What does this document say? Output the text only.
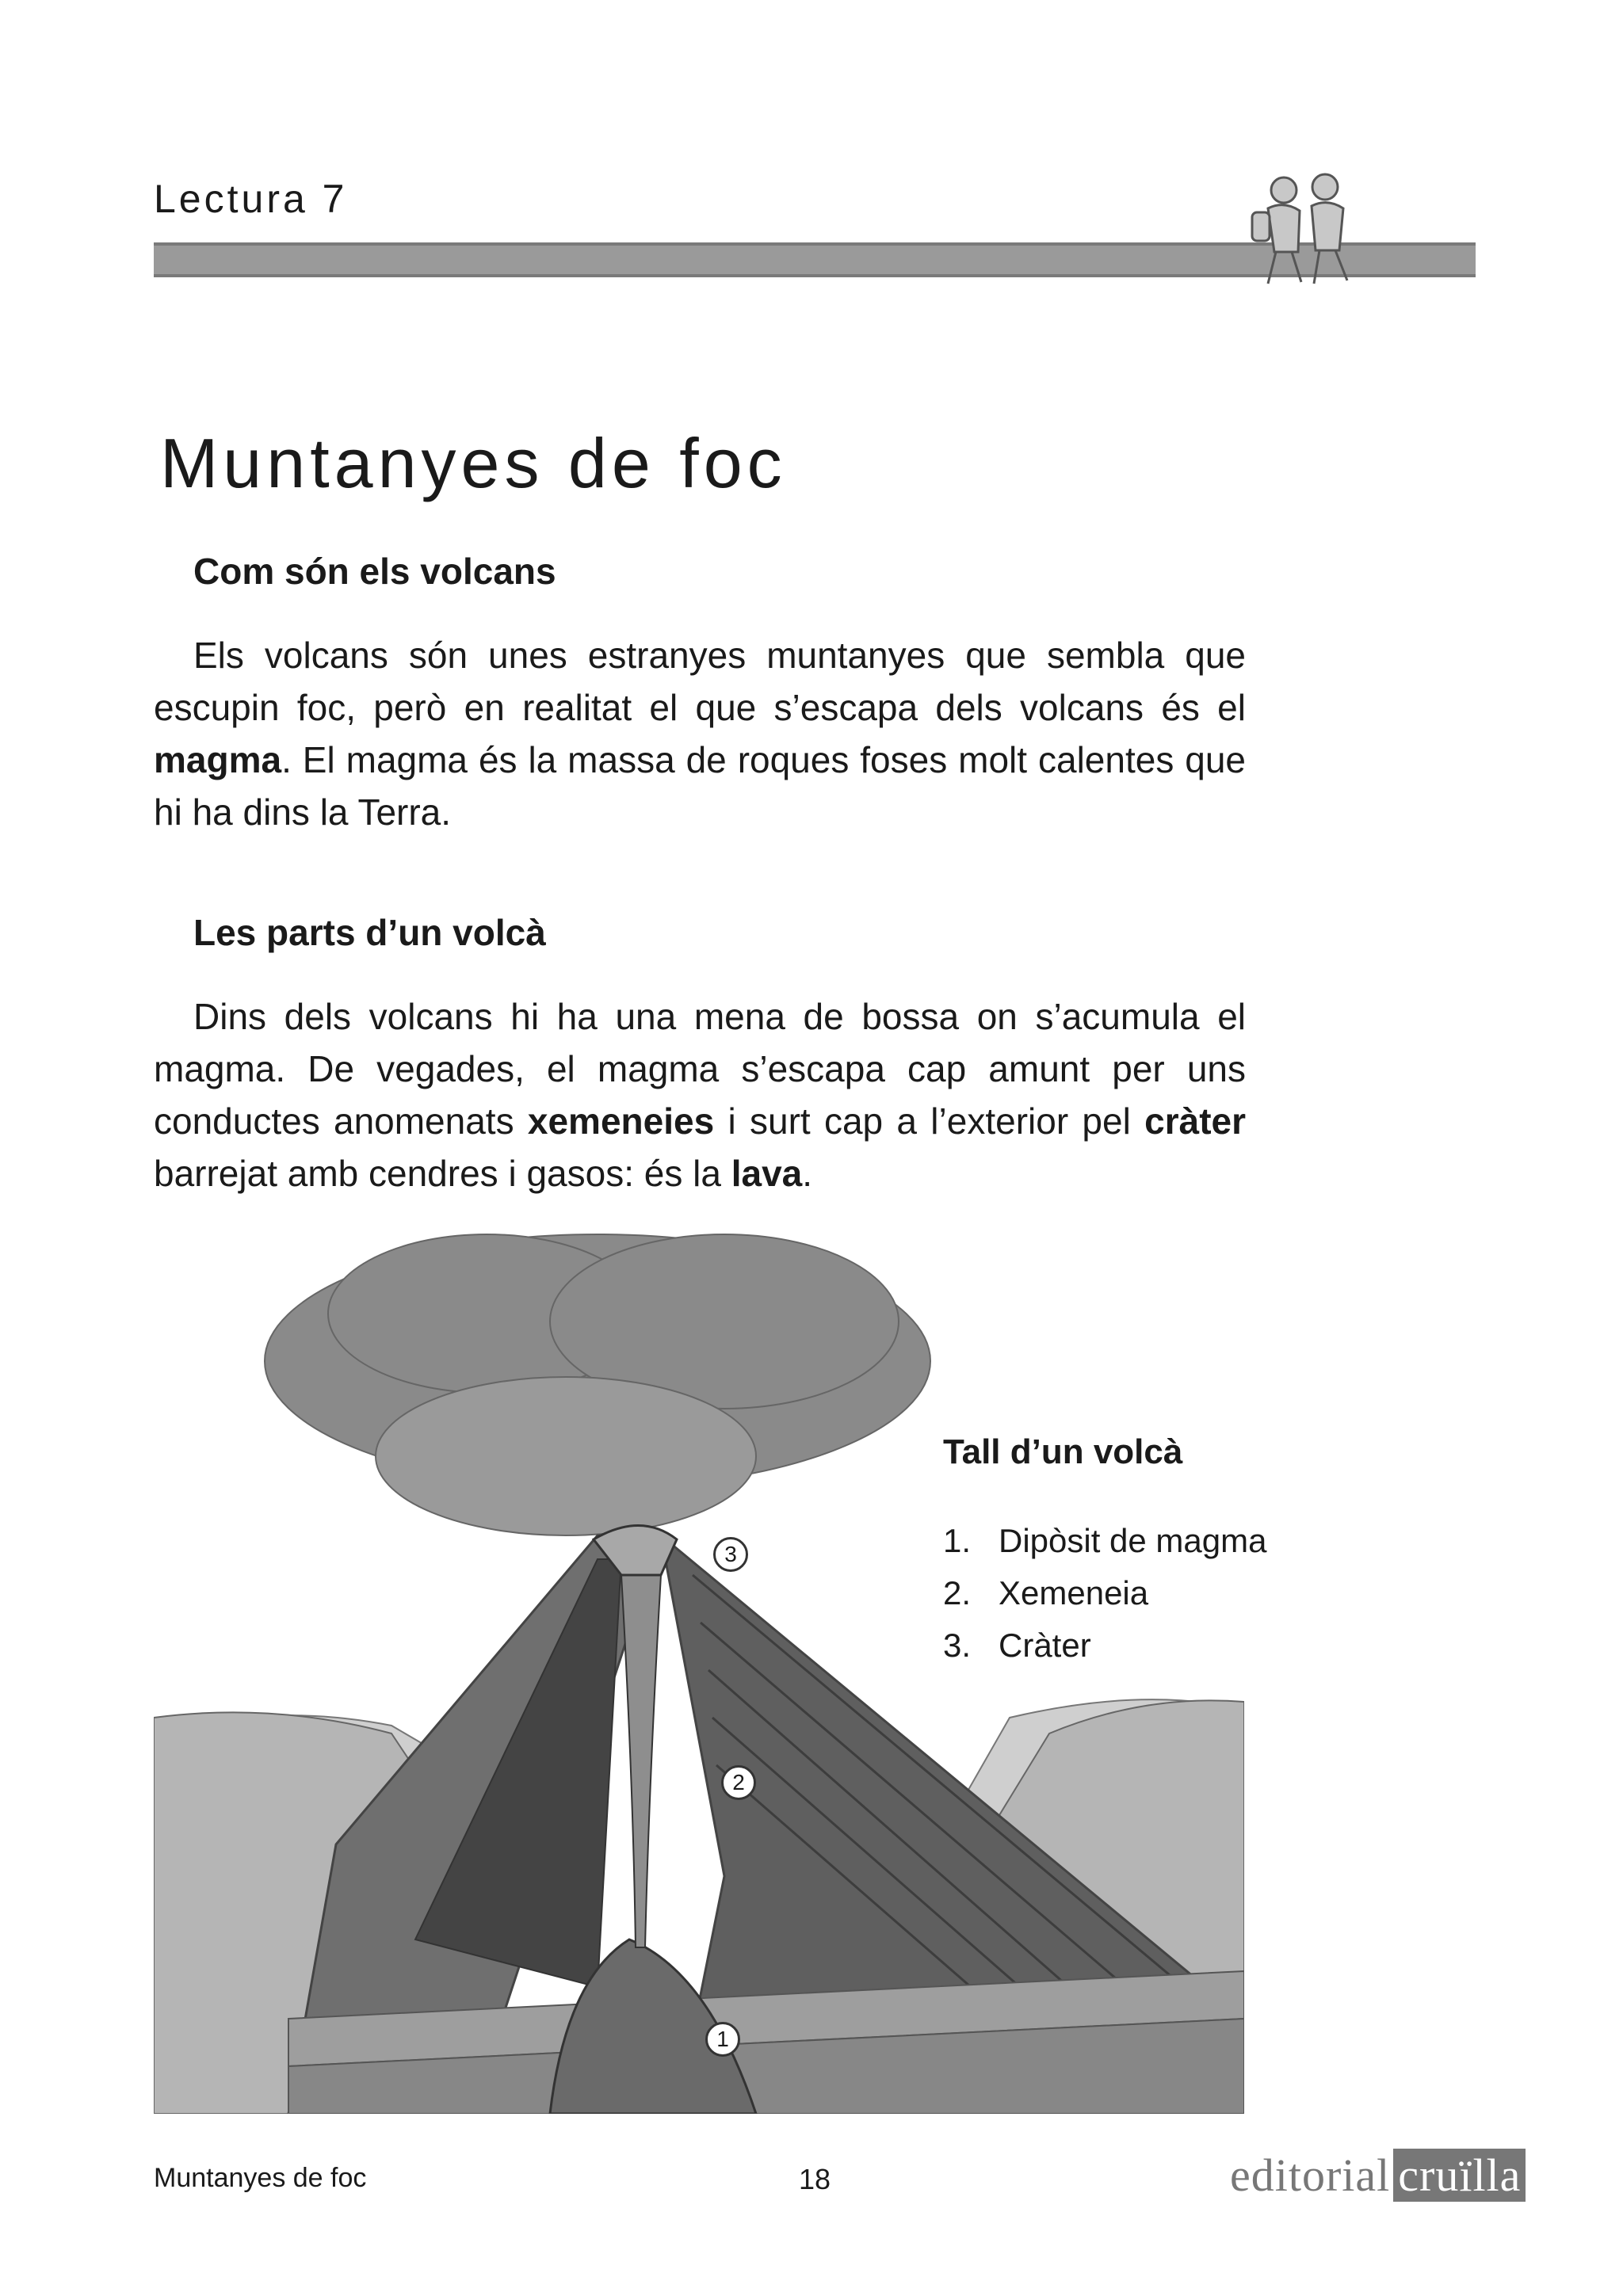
Lectura 7
Muntanyes de foc
Com són els volcans
Els volcans són unes estranyes muntanyes que sembla que escupin foc, però en realitat el que s’escapa dels volcans és el magma. El magma és la massa de roques foses molt calentes que hi ha dins la Terra.
Les parts d’un volcà
Dins dels volcans hi ha una mena de bossa on s’acumula el magma. De vegades, el magma s’escapa cap amunt per uns conductes anomenats xemeneies i surt cap a l’exterior pel cràter barrejat amb cendres i gasos: és la lava.
3
2
1
Tall d’un volcà
1. Dipòsit de magma
2. Xemeneia
3. Cràter
Muntanyes de foc	18	editorial cruïlla
